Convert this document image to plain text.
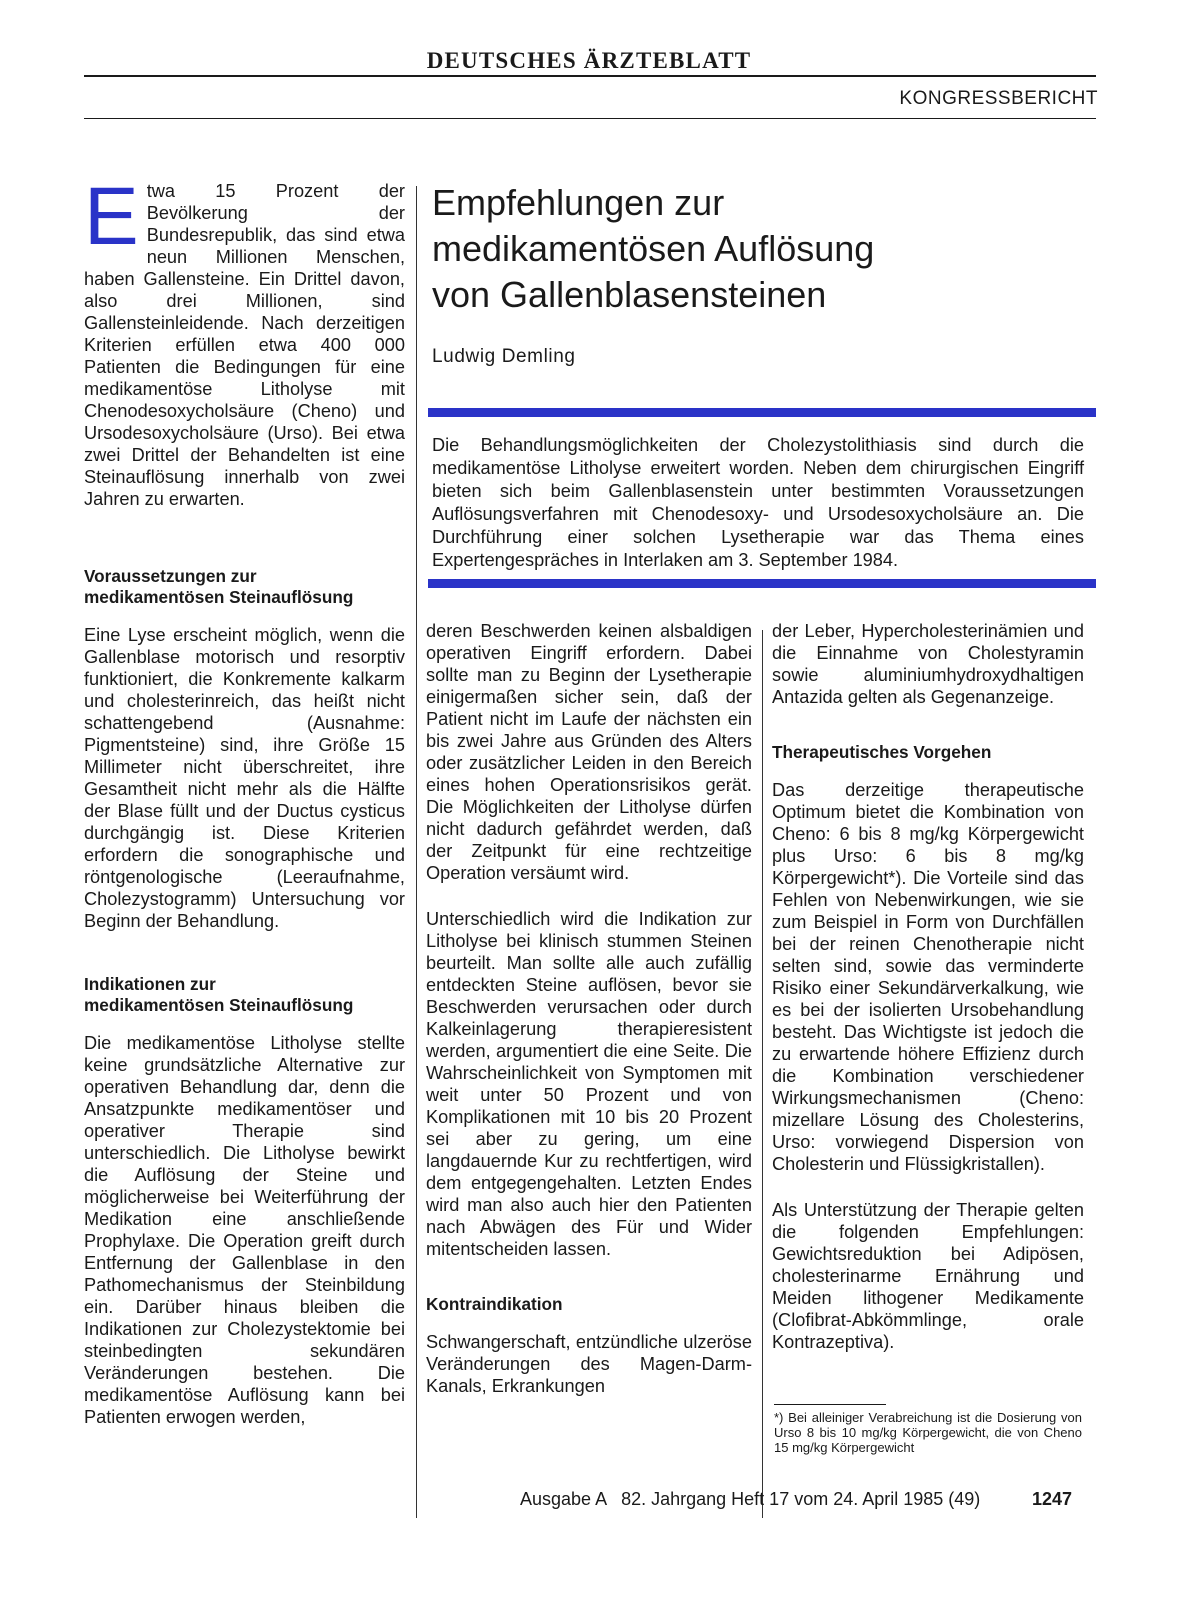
DEUTSCHES ÄRZTEBLATT
KONGRESSBERICHT

Etwa 15 Prozent der Bevölkerung der Bundesrepublik, das sind etwa neun Millionen Menschen, haben Gallensteine. Ein Drittel davon, also drei Millionen, sind Gallensteinleidende. Nach derzeitigen Kriterien erfüllen etwa 400 000 Patienten die Bedingungen für eine medikamentöse Litholyse mit Chenodesoxycholsäure (Cheno) und Ursodesoxycholsäure (Urso). Bei etwa zwei Drittel der Behandelten ist eine Steinauflösung innerhalb von zwei Jahren zu erwarten.

Voraussetzungen zur
medikamentösen Steinauflösung

Eine Lyse erscheint möglich, wenn die Gallenblase motorisch und resorptiv funktioniert, die Konkremente kalkarm und cholesterinreich, das heißt nicht schattengebend (Ausnahme: Pigmentsteine) sind, ihre Größe 15 Millimeter nicht überschreitet, ihre Gesamtheit nicht mehr als die Hälfte der Blase füllt und der Ductus cysticus durchgängig ist. Diese Kriterien erfordern die sonographische und röntgenologische (Leeraufnahme, Cholezystogramm) Untersuchung vor Beginn der Behandlung.

Indikationen zur
medikamentösen Steinauflösung

Die medikamentöse Litholyse stellte keine grundsätzliche Alternative zur operativen Behandlung dar, denn die Ansatzpunkte medikamentöser und operativer Therapie sind unterschiedlich. Die Litholyse bewirkt die Auflösung der Steine und möglicherweise bei Weiterführung der Medikation eine anschließende Prophylaxe. Die Operation greift durch Entfernung der Gallenblase in den Pathomechanismus der Steinbildung ein. Darüber hinaus bleiben die Indikationen zur Cholezystektomie bei steinbedingten sekundären Veränderungen bestehen. Die medikamentöse Auflösung kann bei Patienten erwogen werden,

Empfehlungen zur
medikamentösen Auflösung
von Gallenblasensteinen
Ludwig Demling
Die Behandlungsmöglichkeiten der Cholezystolithiasis sind durch die medikamentöse Litholyse erweitert worden. Neben dem chirurgischen Eingriff bieten sich beim Gallenblasenstein unter bestimmten Voraussetzungen Auflösungsverfahren mit Chenodesoxy- und Ursodesoxycholsäure an. Die Durchführung einer solchen Lysetherapie war das Thema eines Expertengespräches in Interlaken am 3. September 1984.

deren Beschwerden keinen alsbaldigen operativen Eingriff erfordern. Dabei sollte man zu Beginn der Lysetherapie einigermaßen sicher sein, daß der Patient nicht im Laufe der nächsten ein bis zwei Jahre aus Gründen des Alters oder zusätzlicher Leiden in den Bereich eines hohen Operationsrisikos gerät. Die Möglichkeiten der Litholyse dürfen nicht dadurch gefährdet werden, daß der Zeitpunkt für eine rechtzeitige Operation versäumt wird.

Unterschiedlich wird die Indikation zur Litholyse bei klinisch stummen Steinen beurteilt. Man sollte alle auch zufällig entdeckten Steine auflösen, bevor sie Beschwerden verursachen oder durch Kalkeinlagerung therapieresistent werden, argumentiert die eine Seite. Die Wahrscheinlichkeit von Symptomen mit weit unter 50 Prozent und von Komplikationen mit 10 bis 20 Prozent sei aber zu gering, um eine langdauernde Kur zu rechtfertigen, wird dem entgegengehalten. Letzten Endes wird man also auch hier den Patienten nach Abwägen des Für und Wider mitentscheiden lassen.

Kontraindikation

Schwangerschaft, entzündliche ulzeröse Veränderungen des Magen-Darm-Kanals, Erkrankungen

der Leber, Hypercholesterinämien und die Einnahme von Cholestyramin sowie aluminiumhydroxydhaltigen Antazida gelten als Gegenanzeige.

Therapeutisches Vorgehen

Das derzeitige therapeutische Optimum bietet die Kombination von Cheno: 6 bis 8 mg/kg Körpergewicht plus Urso: 6 bis 8 mg/kg Körpergewicht*). Die Vorteile sind das Fehlen von Nebenwirkungen, wie sie zum Beispiel in Form von Durchfällen bei der reinen Chenotherapie nicht selten sind, sowie das verminderte Risiko einer Sekundärverkalkung, wie es bei der isolierten Ursobehandlung besteht. Das Wichtigste ist jedoch die zu erwartende höhere Effizienz durch die Kombination verschiedener Wirkungsmechanismen (Cheno: mizellare Lösung des Cholesterins, Urso: vorwiegend Dispersion von Cholesterin und Flüssigkristallen).

Als Unterstützung der Therapie gelten die folgenden Empfehlungen: Gewichtsreduktion bei Adipösen, cholesterinarme Ernährung und Meiden lithogener Medikamente (Clofibrat-Abkömmlinge, orale Kontrazeptiva).

*) Bei alleiniger Verabreichung ist die Dosierung von Urso 8 bis 10 mg/kg Körpergewicht, die von Cheno 15 mg/kg Körpergewicht
Ausgabe A   82. Jahrgang Heft 17 vom 24. April 1985 (49)	1247
